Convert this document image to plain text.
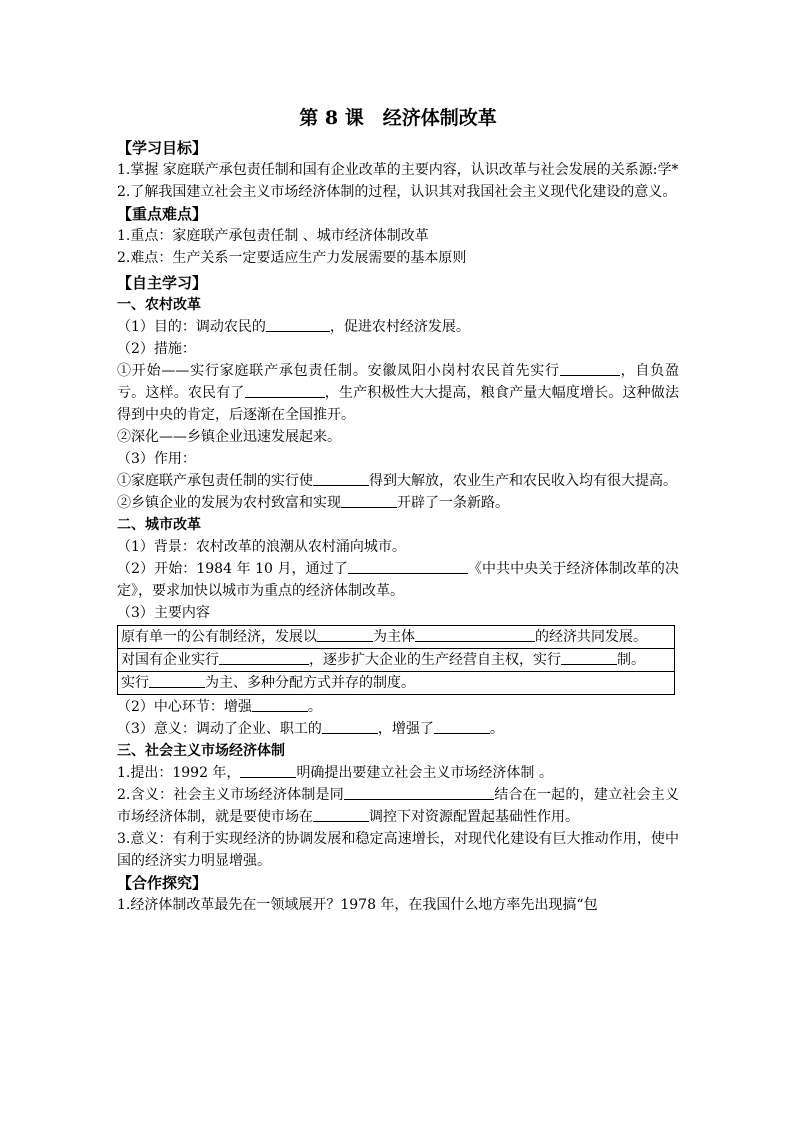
第 8 课　经济体制改革
【学习目标】
1.掌握 家庭联产承包责任制和国有企业改革的主要内容，认识改革与社会发展的关系源:学*
2.了解我国建立社会主义市场经济体制的过程，认识其对我国社会主义现代化建设的意义。
【重点难点】
1.重点：家庭联产承包责任制 、城市经济体制改革
2.难点：生产关系一定要适应生产力发展需要的基本原则
【自主学习】
一、农村改革
（1）目的：调动农民的	，促进农村经济发展。
（2）措施：
①开始——实行家庭联产承包责任制。安徽凤阳小岗村农民首先实行	，自负盈亏。这样。农民有了	，生产积极性大大提高，粮食产量大幅度增长。这种做法得到中央的肯定，后逐渐在全国推开。
②深化——乡镇企业迅速发展起来。
（3）作用：
①家庭联产承包责任制的实行使	得到大解放，农业生产和农民收入均有很大提高。
②乡镇企业的发展为农村致富和实现	开辟了一条新路。
二、城市改革
（1）背景：农村改革的浪潮从农村涌向城市。
（2）开始：1984 年 10 月，通过了	《中共中央关于经济体制改革的决定》，要求加快以城市为重点的经济体制改革。
（3）主要内容
原有单一的公有制经济，发展以	为主体	的经济共同发展。
对国有企业实行	，逐步扩大企业的生产经营自主权，实行	制。
实行	为主、多种分配方式并存的制度。
（2）中心环节：增强	。
（3）意义：调动了企业、职工的	，增强了	。
三、社会主义市场经济体制
1.提出：1992 年，	明确提出要建立社会主义市场经济体制 。
2.含义：社会主义市场经济体制是同	结合在一起的，建立社会主义市场经济体制，就是要使市场在	调控下对资源配置起基础性作用。
3.意义：有利于实现经济的协调发展和稳定高速增长，对现代化建设有巨大推动作用，使中国的经济实力明显增强。
【合作探究】
1.经济体制改革最先在一领域展开？1978 年，在我国什么地方率先出现搞“包
